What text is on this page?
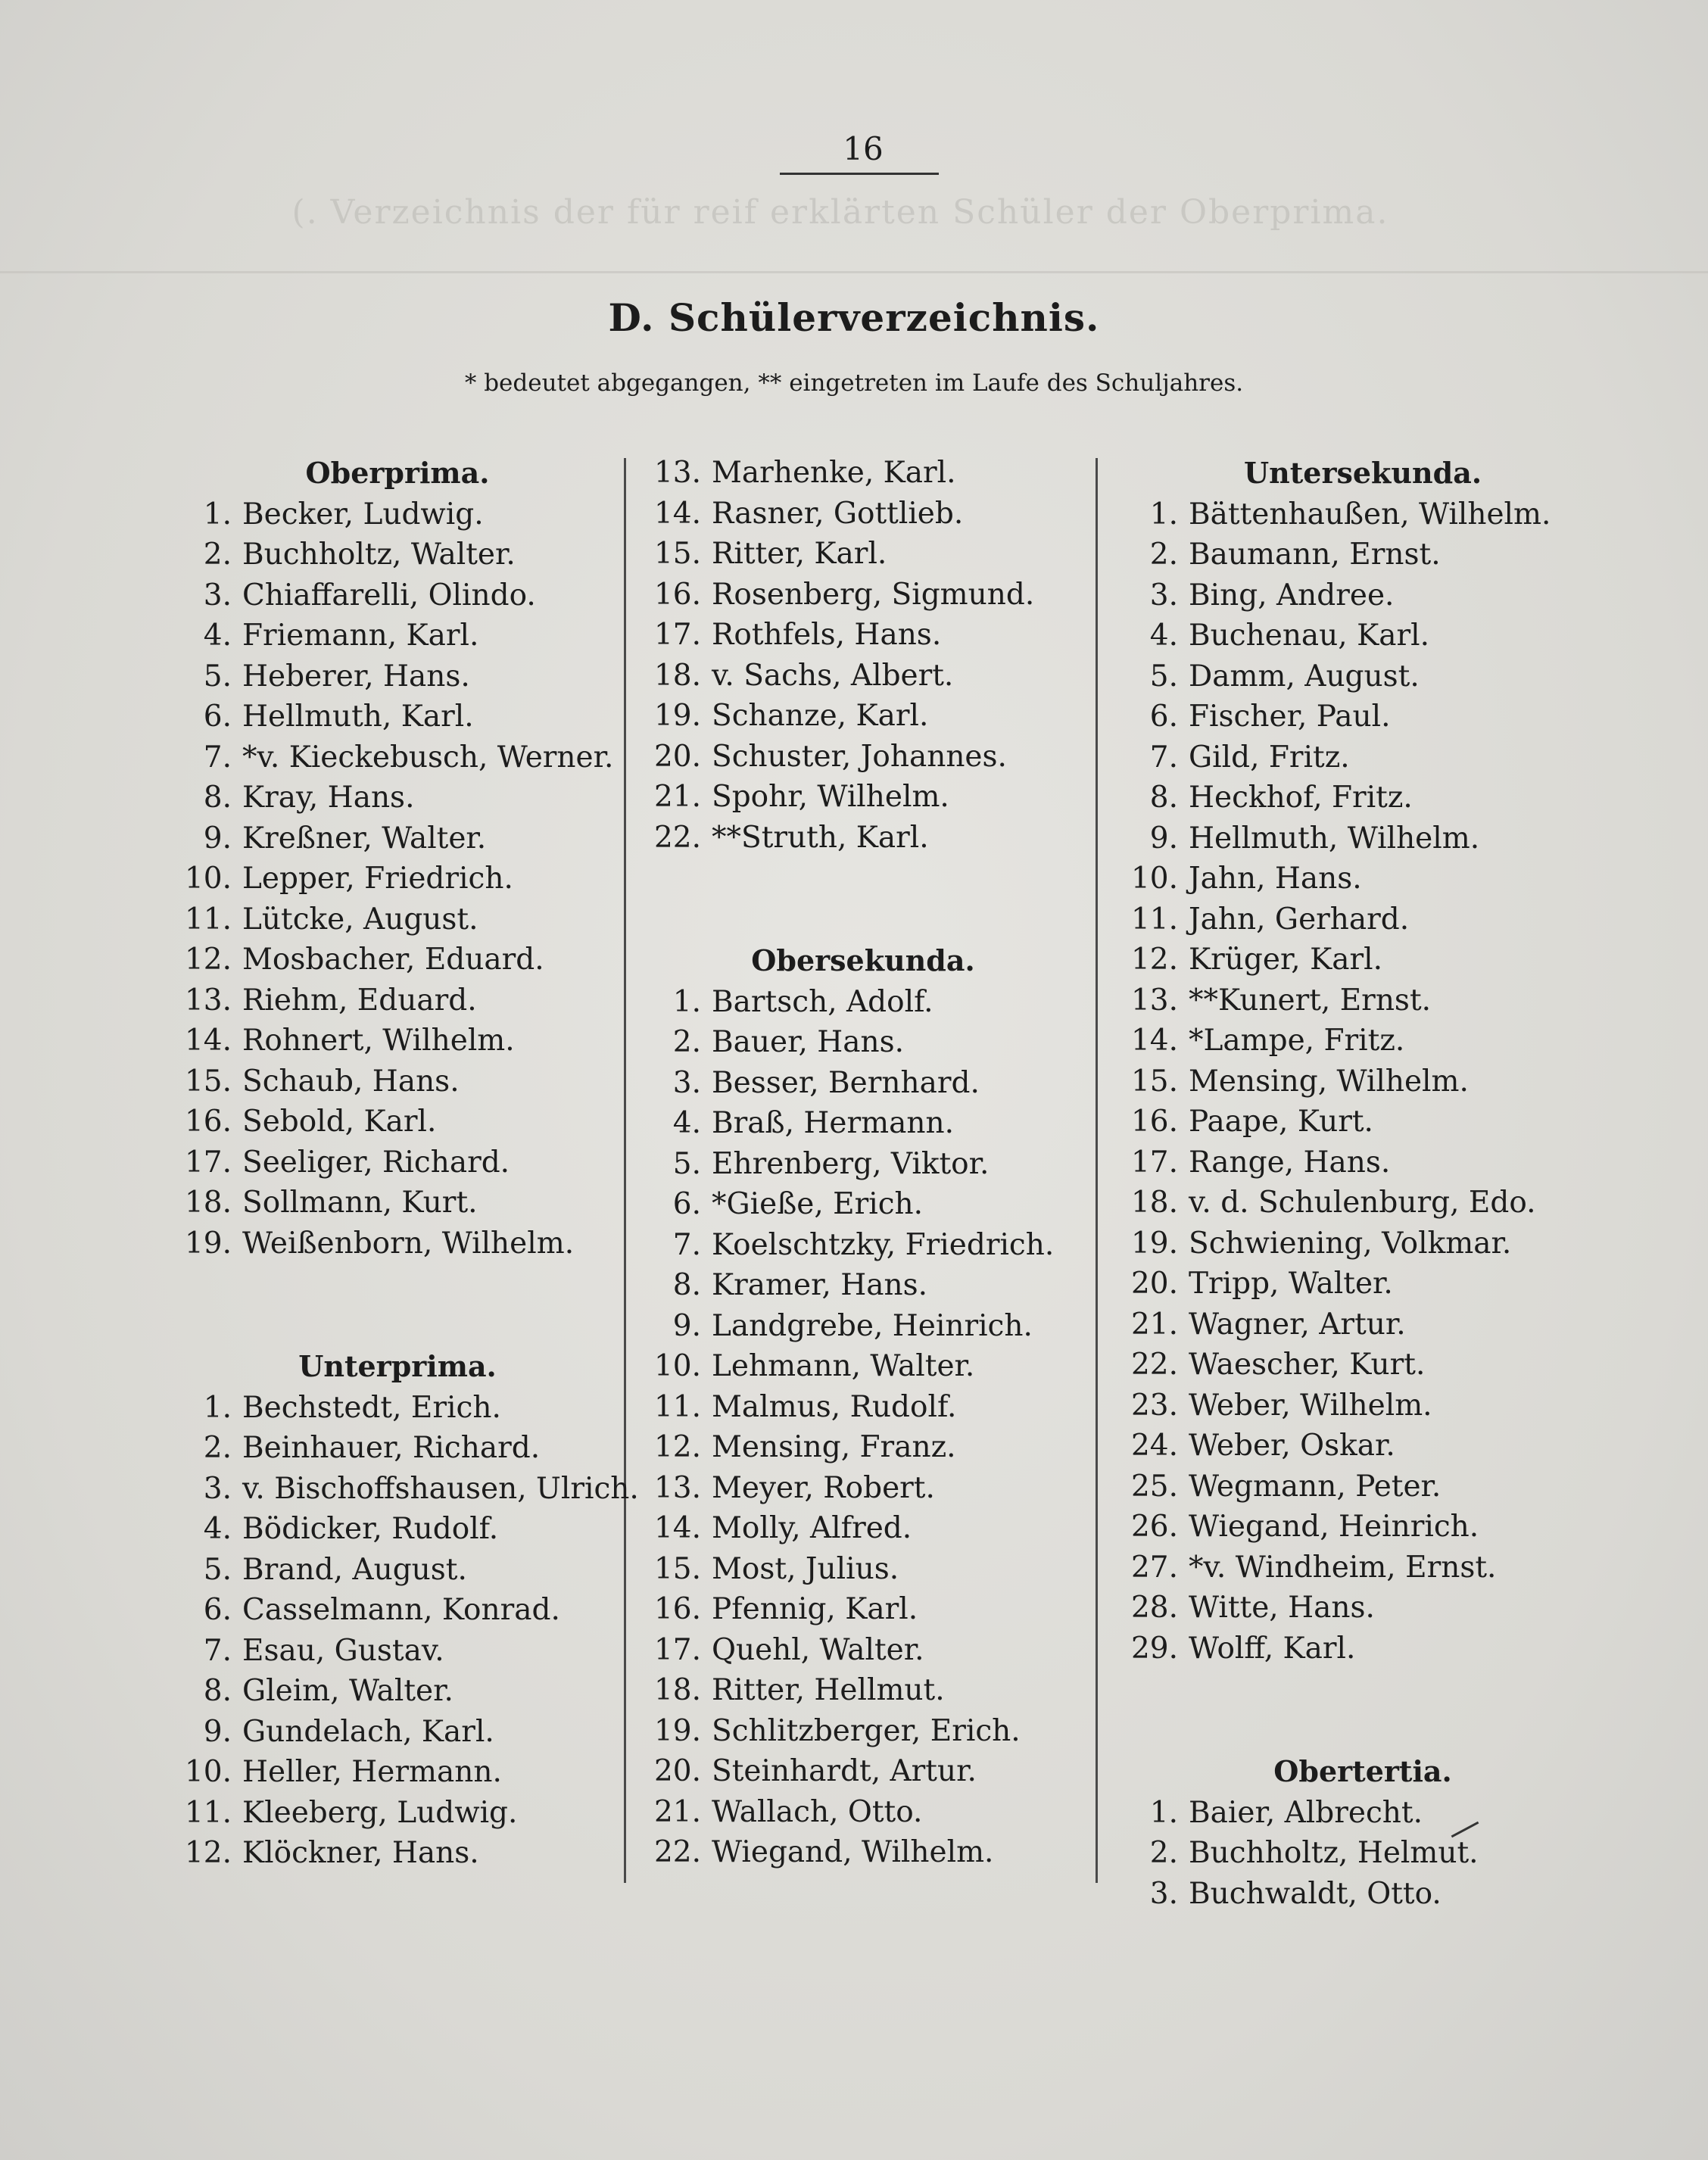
(. Verzeichnis der für reif erklärten Schüler der Oberprima.
16
D. Schülerverzeichnis.
* bedeutet abgegangen, ** eingetreten im Laufe des Schuljahres.
Oberprima.
1. Becker, Ludwig.
2. Buchholtz, Walter.
3. Chiaffarelli, Olindo.
4. Friemann, Karl.
5. Heberer, Hans.
6. Hellmuth, Karl.
7. *v. Kieckebusch, Werner.
8. Kray, Hans.
9. Kreßner, Walter.
10. Lepper, Friedrich.
11. Lütcke, August.
12. Mosbacher, Eduard.
13. Riehm, Eduard.
14. Rohnert, Wilhelm.
15. Schaub, Hans.
16. Sebold, Karl.
17. Seeliger, Richard.
18. Sollmann, Kurt.
19. Weißenborn, Wilhelm.
Unterprima.
1. Bechstedt, Erich.
2. Beinhauer, Richard.
3. v. Bischoffshausen, Ulrich.
4. Bödicker, Rudolf.
5. Brand, August.
6. Casselmann, Konrad.
7. Esau, Gustav.
8. Gleim, Walter.
9. Gundelach, Karl.
10. Heller, Hermann.
11. Kleeberg, Ludwig.
12. Klöckner, Hans.
13. Marhenke, Karl.
14. Rasner, Gottlieb.
15. Ritter, Karl.
16. Rosenberg, Sigmund.
17. Rothfels, Hans.
18. v. Sachs, Albert.
19. Schanze, Karl.
20. Schuster, Johannes.
21. Spohr, Wilhelm.
22. **Struth, Karl.
Obersekunda.
1. Bartsch, Adolf.
2. Bauer, Hans.
3. Besser, Bernhard.
4. Braß, Hermann.
5. Ehrenberg, Viktor.
6. *Gieße, Erich.
7. Koelschtzky, Friedrich.
8. Kramer, Hans.
9. Landgrebe, Heinrich.
10. Lehmann, Walter.
11. Malmus, Rudolf.
12. Mensing, Franz.
13. Meyer, Robert.
14. Molly, Alfred.
15. Most, Julius.
16. Pfennig, Karl.
17. Quehl, Walter.
18. Ritter, Hellmut.
19. Schlitzberger, Erich.
20. Steinhardt, Artur.
21. Wallach, Otto.
22. Wiegand, Wilhelm.
Untersekunda.
1. Bättenhaußen, Wilhelm.
2. Baumann, Ernst.
3. Bing, Andree.
4. Buchenau, Karl.
5. Damm, August.
6. Fischer, Paul.
7. Gild, Fritz.
8. Heckhof, Fritz.
9. Hellmuth, Wilhelm.
10. Jahn, Hans.
11. Jahn, Gerhard.
12. Krüger, Karl.
13. **Kunert, Ernst.
14. *Lampe, Fritz.
15. Mensing, Wilhelm.
16. Paape, Kurt.
17. Range, Hans.
18. v. d. Schulenburg, Edo.
19. Schwiening, Volkmar.
20. Tripp, Walter.
21. Wagner, Artur.
22. Waescher, Kurt.
23. Weber, Wilhelm.
24. Weber, Oskar.
25. Wegmann, Peter.
26. Wiegand, Heinrich.
27. *v. Windheim, Ernst.
28. Witte, Hans.
29. Wolff, Karl.
Obertertia.
1. Baier, Albrecht.
2. Buchholtz, Helmut.
3. Buchwaldt, Otto.
